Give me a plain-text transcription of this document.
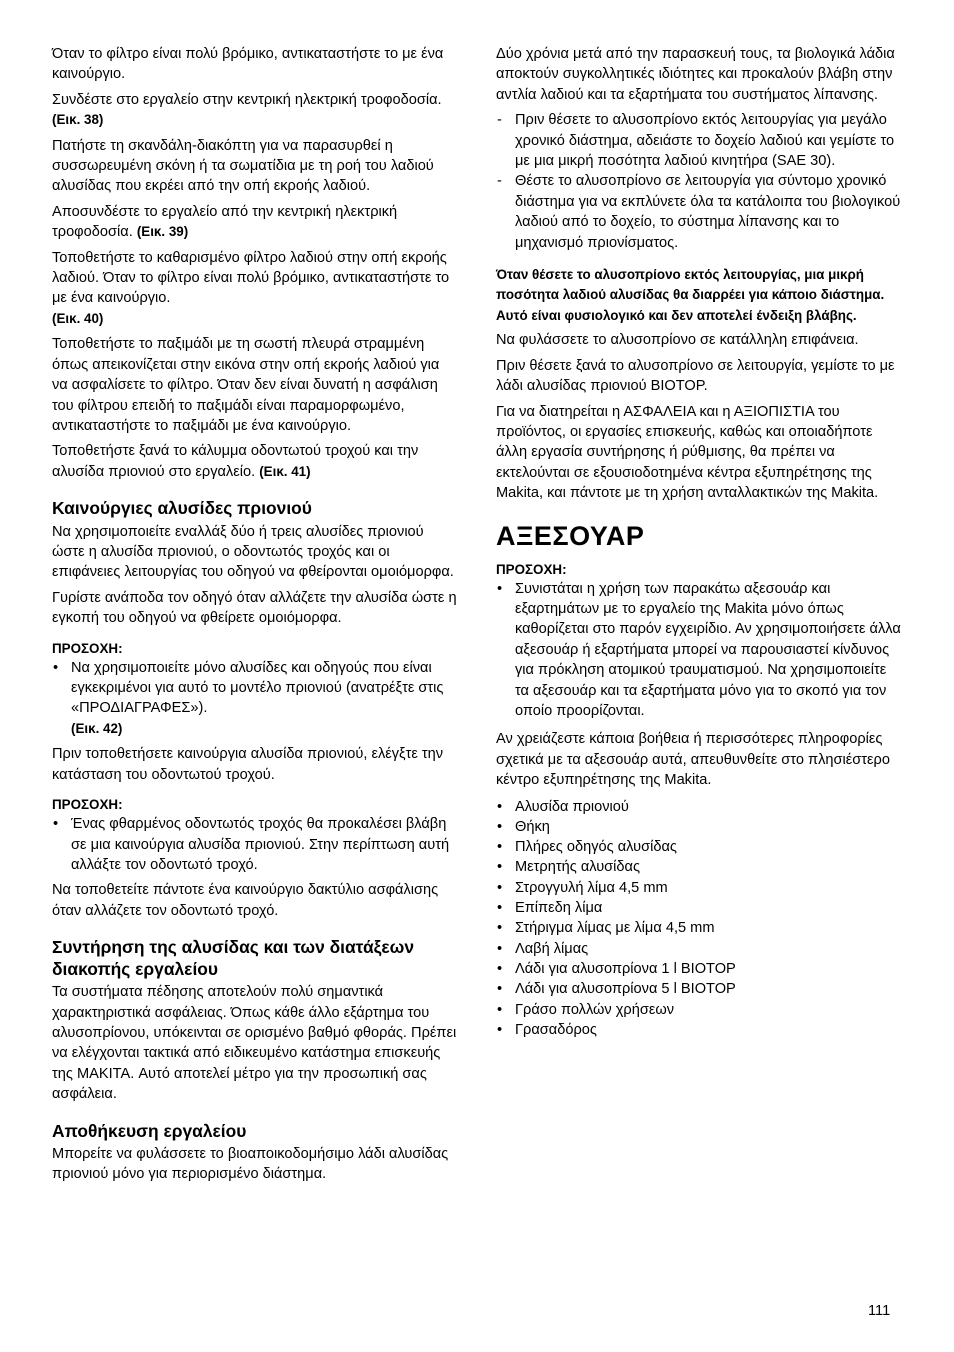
Όταν το φίλτρο είναι πολύ βρόμικο, αντικαταστήστε το με ένα καινούργιο.

Συνδέστε στο εργαλείο στην κεντρική ηλεκτρική τροφοδοσία. (Εικ. 38)

Πατήστε τη σκανδάλη-διακόπτη για να παρασυρθεί η συσσωρευμένη σκόνη ή τα σωματίδια με τη ροή του λαδιού αλυσίδας που εκρέει από την οπή εκροής λαδιού.

Αποσυνδέστε το εργαλείο από την κεντρική ηλεκτρική τροφοδοσία. (Εικ. 39)

Τοποθετήστε το καθαρισμένο φίλτρο λαδιού στην οπή εκροής λαδιού. Όταν το φίλτρο είναι πολύ βρόμικο, αντικαταστήστε το με ένα καινούργιο.
(Εικ. 40)

Τοποθετήστε το παξιμάδι με τη σωστή πλευρά στραμμένη όπως απεικονίζεται στην εικόνα στην οπή εκροής λαδιού για να ασφαλίσετε το φίλτρο. Όταν δεν είναι δυνατή η ασφάλιση του φίλτρου επειδή το παξιμάδι είναι παραμορφωμένο, αντικαταστήστε το παξιμάδι με ένα καινούργιο.

Τοποθετήστε ξανά το κάλυμμα οδοντωτού τροχού και την αλυσίδα πριονιού στο εργαλείο. (Εικ. 41)

Καινούργιες αλυσίδες πριονιού

Να χρησιμοποιείτε εναλλάξ δύο ή τρεις αλυσίδες πριονιού ώστε η αλυσίδα πριονιού, ο οδοντωτός τροχός και οι επιφάνειες λειτουργίας του οδηγού να φθείρονται ομοιόμορφα.

Γυρίστε ανάποδα τον οδηγό όταν αλλάζετε την αλυσίδα ώστε η εγκοπή του οδηγού να φθείρετε ομοιόμορφα.

ΠΡΟΣΟΧΗ:
• Να χρησιμοποιείτε μόνο αλυσίδες και οδηγούς που είναι εγκεκριμένοι για αυτό το μοντέλο πριονιού (ανατρέξτε στις «ΠΡΟΔΙΑΓΡΑΦΕΣ»).
(Εικ. 42)

Πριν τοποθετήσετε καινούργια αλυσίδα πριονιού, ελέγξτε την κατάσταση του οδοντωτού τροχού.

ΠΡΟΣΟΧΗ:
• Ένας φθαρμένος οδοντωτός τροχός θα προκαλέσει βλάβη σε μια καινούργια αλυσίδα πριονιού. Στην περίπτωση αυτή αλλάξτε τον οδοντωτό τροχό.

Να τοποθετείτε πάντοτε ένα καινούργιο δακτύλιο ασφάλισης όταν αλλάζετε τον οδοντωτό τροχό.

Συντήρηση της αλυσίδας και των διατάξεων διακοπής εργαλείου

Τα συστήματα πέδησης αποτελούν πολύ σημαντικά χαρακτηριστικά ασφάλειας. Όπως κάθε άλλο εξάρτημα του αλυσοπρίονου, υπόκεινται σε ορισμένο βαθμό φθοράς. Πρέπει να ελέγχονται τακτικά από ειδικευμένο κατάστημα επισκευής της MAKITA. Αυτό αποτελεί μέτρο για την προσωπική σας ασφάλεια.

Αποθήκευση εργαλείου

Μπορείτε να φυλάσσετε το βιοαποικοδομήσιμο λάδι αλυσίδας πριονιού μόνο για περιορισμένο διάστημα.

Δύο χρόνια μετά από την παρασκευή τους, τα βιολογικά λάδια αποκτούν συγκολλητικές ιδιότητες και προκαλούν βλάβη στην αντλία λαδιού και τα εξαρτήματα του συστήματος λίπανσης.

- Πριν θέσετε το αλυσοπρίονο εκτός λειτουργίας για μεγάλο χρονικό διάστημα, αδειάστε το δοχείο λαδιού και γεμίστε το με μια μικρή ποσότητα λαδιού κινητήρα (SAE 30).
- Θέστε το αλυσοπρίονο σε λειτουργία για σύντομο χρονικό διάστημα για να εκπλύνετε όλα τα κατάλοιπα του βιολογικού λαδιού από το δοχείο, το σύστημα λίπανσης και το μηχανισμό πριονίσματος.
Όταν θέσετε το αλυσοπρίονο εκτός λειτουργίας, μια μικρή ποσότητα λαδιού αλυσίδας θα διαρρέει για κάποιο διάστημα. Αυτό είναι φυσιολογικό και δεν αποτελεί ένδειξη βλάβης.

Να φυλάσσετε το αλυσοπρίονο σε κατάλληλη επιφάνεια.

Πριν θέσετε ξανά το αλυσοπρίονο σε λειτουργία, γεμίστε το με λάδι αλυσίδας πριονιού BIOTOP.

Για να διατηρείται η ΑΣΦΑΛΕΙΑ και η ΑΞΙΟΠΙΣΤΙΑ του προϊόντος, οι εργασίες επισκευής, καθώς και οποιαδήποτε άλλη εργασία συντήρησης ή ρύθμισης, θα πρέπει να εκτελούνται σε εξουσιοδοτημένα κέντρα εξυπηρέτησης της Makita, και πάντοτε με τη χρήση ανταλλακτικών της Makita.

ΑΞΕΣΟΥΑΡ
ΠΡΟΣΟΧΗ:
• Συνιστάται η χρήση των παρακάτω αξεσουάρ και εξαρτημάτων με το εργαλείο της Makita μόνο όπως καθορίζεται στο παρόν εγχειρίδιο. Αν χρησιμοποιήσετε άλλα αξεσουάρ ή εξαρτήματα μπορεί να παρουσιαστεί κίνδυνος για πρόκληση ατομικού τραυματισμού. Να χρησιμοποιείτε τα αξεσουάρ και τα εξαρτήματα μόνο για το σκοπό για τον οποίο προορίζονται.

Αν χρειάζεστε κάποια βοήθεια ή περισσότερες πληροφορίες σχετικά με τα αξεσουάρ αυτά, απευθυνθείτε στο πλησιέστερο κέντρο εξυπηρέτησης της Makita.

• Αλυσίδα πριονιού
• Θήκη
• Πλήρες οδηγός αλυσίδας
• Μετρητής αλυσίδας
• Στρογγυλή λίμα 4,5 mm
• Επίπεδη λίμα
• Στήριγμα λίμας με λίμα 4,5 mm
• Λαβή λίμας
• Λάδι για αλυσοπρίονα 1 l BIOTOP
• Λάδι για αλυσοπρίονα 5 l BIOTOP
• Γράσο πολλών χρήσεων
• Γρασαδόρος
111
